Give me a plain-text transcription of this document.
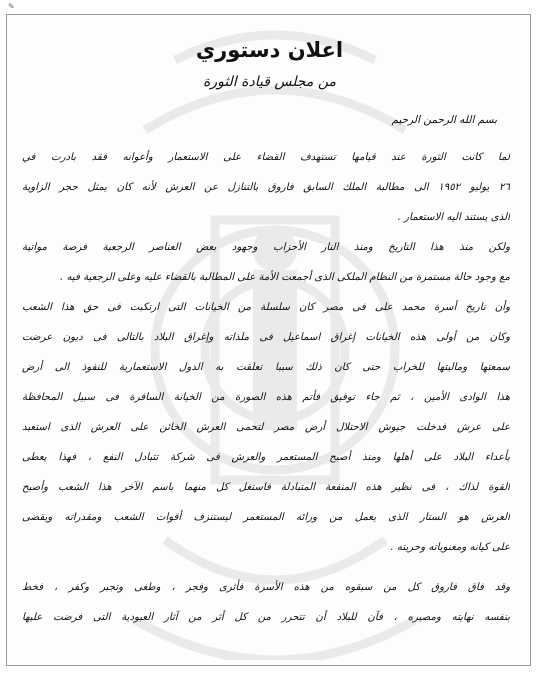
✎
اعلان دستوري
من مجلس قيادة الثورة
بسم الله الرحمن الرحيم
لما كانت الثورة عند قيامها تستهدف القضاء على الاستعمار وأعوانه فقد بادرت في
٢٦ يوليو ١٩٥٢ الى مطالبة الملك السابق فاروق بالتنازل عن العرش لأنه كان يمثل حجر الزاوية
الذى يستند اليه الاستعمار .
ولكن منذ هذا التاريخ ومنذ النار الأحزاب وجهود بعض العناصر الرجعية فرصة مواتية
مع وجود حالة مستمرة من النظام الملكى الذى أجمعت الأمة على المطالبة بالقضاء عليه وعلى الرجعية فيه .
وأن تاريخ أسرة محمد على فى مصر كان سلسلة من الخيانات التى ارتكبت فى حق هذا الشعب
وكان من أولى هذه الخيانات إغراق اسماعيل فى ملذاته وإغراق البلاد بالتالى فى ديون عرضت
سمعتها وماليتها للخراب حتى كان ذلك سببا تعلقت به الدول الاستعمارية للنفوذ الى أرض
هذا الوادى الأمين ، ثم جاء توفيق فأتم هذه الصورة من الخيانة السافرة فى سبيل المحافظة
على عرش فدخلت جيوش الاحتلال أرض مصر لتحمى العرش الخائن على العرش الذى استعبد
بأعداء البلاد على أهلها ومنذ أصبح المستعمر والعرش فى شركة تتبادل النفع ، فهذا يعطى
القوة لذاك ، فى نظير هذه المنفعة المتبادلة فاستغل كل منهما باسم الآخر هذا الشعب وأصبح
العرش هو الستار الذى يعمل من ورائه المستعمر ليستنزف أقوات الشعب ومقدراته ويقضى
على كيانه ومعنوياته وحريته .
وقد فاق فاروق كل من سبقوه من هذه الأسرة فأثرى وفجر ، وطغى وتجبر وكفر ، فخط
بنفسه نهايته ومصيره ، فآن للبلاد أن تتحرر من كل أثر من آثار العبودية التى فرضت عليها
